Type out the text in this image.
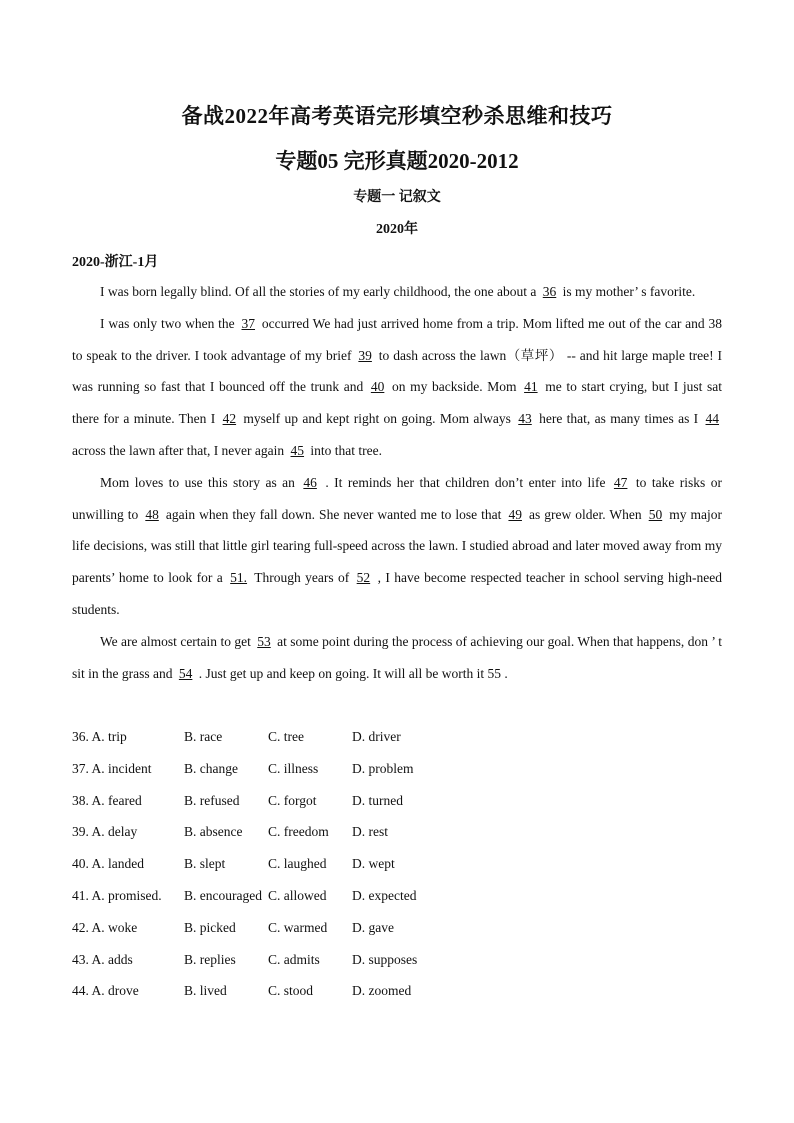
备战2022年高考英语完形填空秒杀思维和技巧
专题05 完形真题2020-2012
专题一 记叙文
2020年
2020-浙江-1月

I was born legally blind. Of all the stories of my early childhood, the one about a 36 is my mother’ s favorite.

I was only two when the 37 occurred We had just arrived home from a trip. Mom lifted me out of the car and 38 to speak to the driver. I took advantage of my brief 39 to dash across the lawn（草坪） -- and hit large maple tree! I was running so fast that I bounced off the trunk and 40 on my backside. Mom 41 me to start crying, but I just sat there for a minute. Then I 42 myself up and kept right on going. Mom always 43 here that, as many times as I 44 across the lawn after that, I never again 45 into that tree.

Mom loves to use this story as an 46 . It reminds her that children don’t enter into life 47 to take risks or unwilling to 48 again when they fall down. She never wanted me to lose that 49 as grew older. When 50 my major life decisions, was still that little girl tearing full-speed across the lawn. I studied abroad and later moved away from my parents’ home to look for a 51. Through years of 52 , I have become respected teacher in school serving high-need students.

We are almost certain to get 53 at some point during the process of achieving our goal. When that happens, don ’ t sit in the grass and 54 . Just get up and keep on going. It will all be worth it 55 .

36. A. trip	B. race	C. tree	D. driver
37. A. incident B. change C. illness D. problem
38. A. feared	B. refused C. forgot	D. turned
39. A. delay	B. absence C. freedom D. rest
40. A. landed	B. slept	C. laughed D. wept
41. A. promised. B. encouraged C. allowed D. expected
42. A. woke	B. picked C. warmed D. gave
43. A. adds	B. replies C. admits D. supposes
44. A. drove	B. lived	C. stood	D. zoomed
